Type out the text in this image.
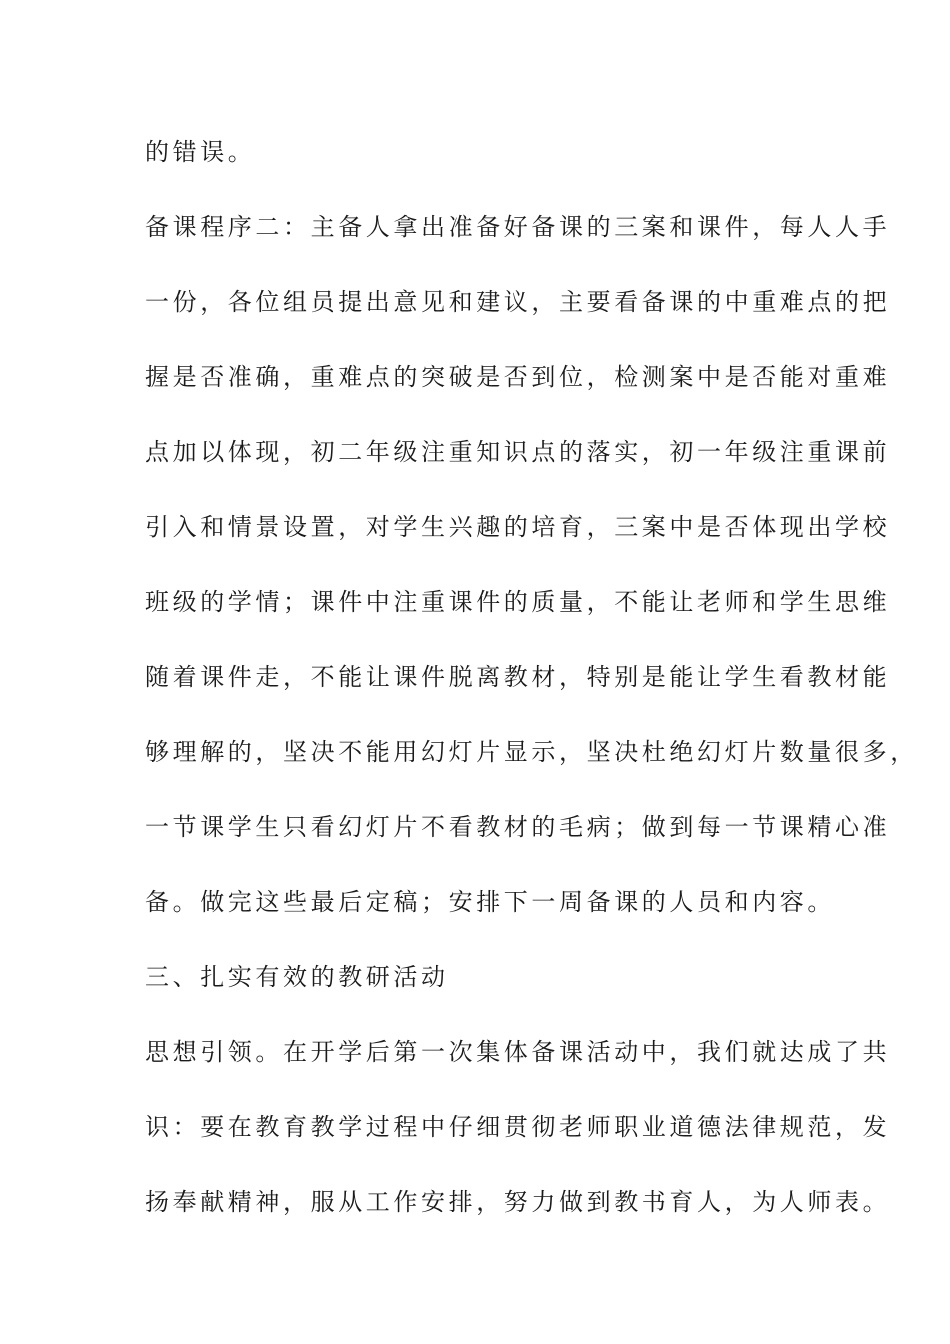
的错误。
备课程序二：主备人拿出准备好备课的三案和课件，每人人手
一份，各位组员提出意见和建议，主要看备课的中重难点的把
握是否准确，重难点的突破是否到位，检测案中是否能对重难
点加以体现，初二年级注重知识点的落实，初一年级注重课前
引入和情景设置，对学生兴趣的培育，三案中是否体现出学校
班级的学情；课件中注重课件的质量，不能让老师和学生思维
随着课件走，不能让课件脱离教材，特别是能让学生看教材能
够理解的，坚决不能用幻灯片显示，坚决杜绝幻灯片数量很多，
一节课学生只看幻灯片不看教材的毛病；做到每一节课精心准
备。做完这些最后定稿；安排下一周备课的人员和内容。
三、扎实有效的教研活动
思想引领。在开学后第一次集体备课活动中，我们就达成了共
识：要在教育教学过程中仔细贯彻老师职业道德法律规范，发
扬奉献精神，服从工作安排，努力做到教书育人，为人师表。
